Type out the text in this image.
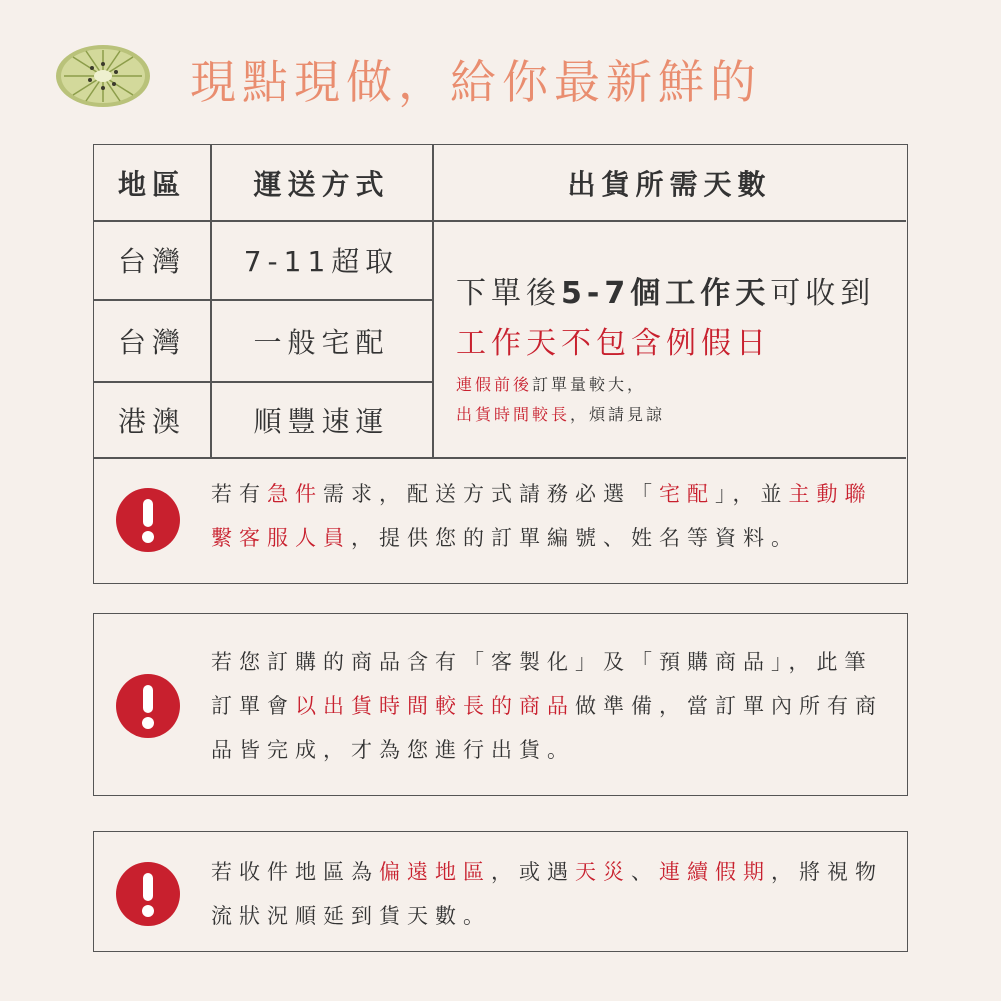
現點現做，給你最新鮮的
地區	運送方式	出貨所需天數
台灣	7-11超取
台灣	一般宅配
港澳	順豐速運
若有急件需求，配送方式請務必選「宅配」，並主動聯
繫客服人員，提供您的訂單編號、姓名等資料。
下單後5-7個工作天可收到
工作天不包含例假日
連假前後訂單量較大，
出貨時間較長，煩請見諒
若您訂購的商品含有「客製化」及「預購商品」，此筆
訂單會以出貨時間較長的商品做準備，當訂單內所有商
品皆完成，才為您進行出貨。
若收件地區為偏遠地區，或遇天災、連續假期，將視物
流狀況順延到貨天數。
